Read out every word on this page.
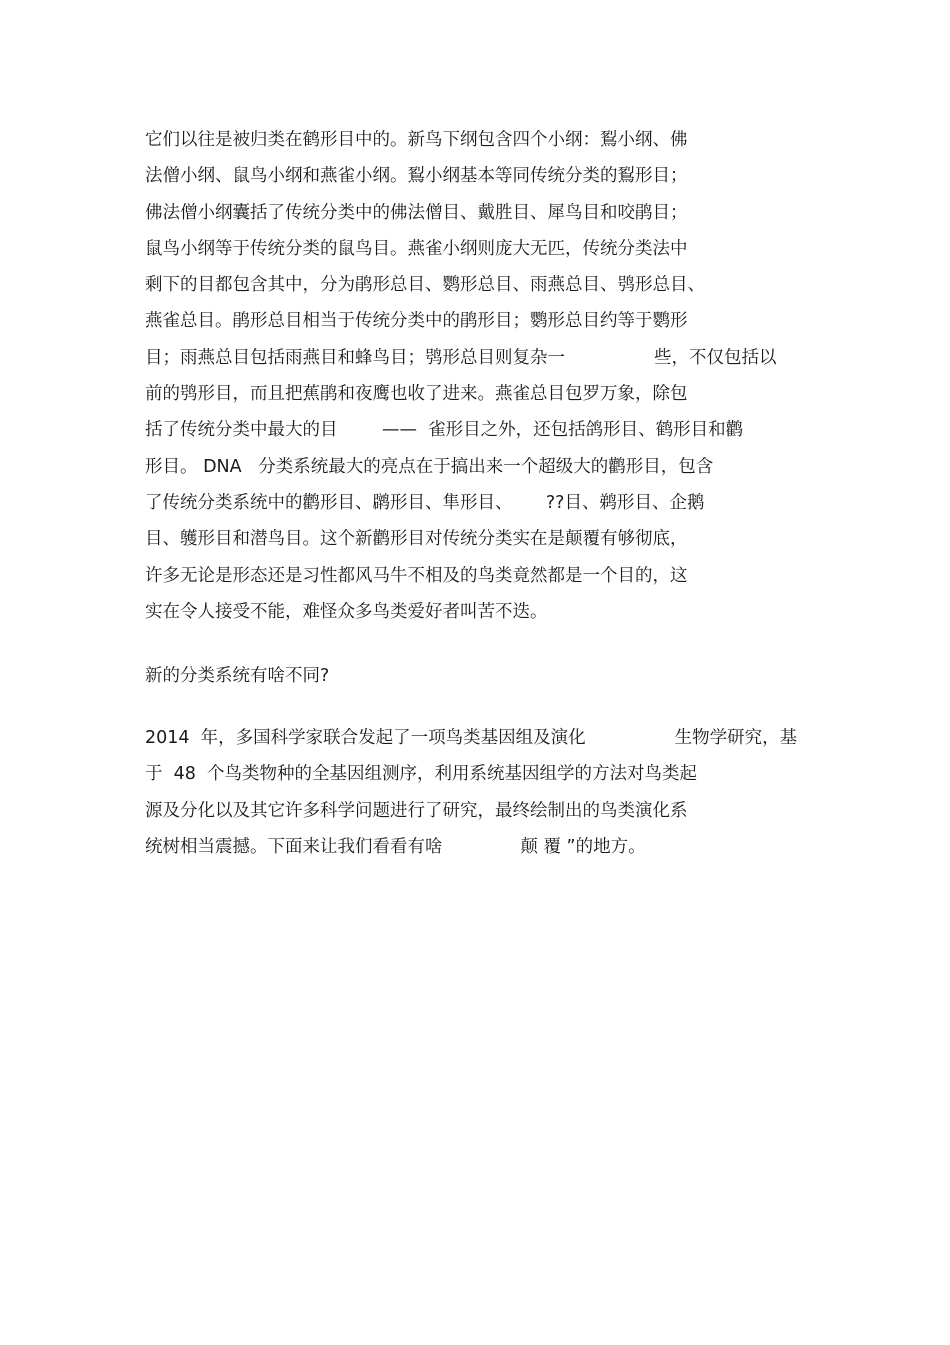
它们以往是被归类在鹤形目中的。新鸟下纲包含四个小纲：鴷小纲、佛
法僧小纲、鼠鸟小纲和燕雀小纲。鴷小纲基本等同传统分类的鴷形目；
佛法僧小纲囊括了传统分类中的佛法僧目、戴胜目、犀鸟目和咬鹃目；
鼠鸟小纲等于传统分类的鼠鸟目。燕雀小纲则庞大无匹，传统分类法中
剩下的目都包含其中，分为鹃形总目、鹦形总目、雨燕总目、鸮形总目、
燕雀总目。鹃形总目相当于传统分类中的鹃形目；鹦形总目约等于鹦形
目；雨燕总目包括雨燕目和蜂鸟目；鸮形总目则复杂一                些，不仅包括以
前的鸮形目，而且把蕉鹃和夜鹰也收了进来。燕雀总目包罗万象，除包
括了传统分类中最大的目        ——  雀形目之外，还包括鸽形目、鹤形目和鹳
形目。 DNA   分类系统最大的亮点在于搞出来一个超级大的鹳形目，包含
了传统分类系统中的鹳形目、䴙形目、隼形目、      ??目、鹈形目、企鹅
目、鹱形目和潜鸟目。这个新鹳形目对传统分类实在是颠覆有够彻底，
许多无论是形态还是习性都风马牛不相及的鸟类竟然都是一个目的，这
实在令人接受不能，难怪众多鸟类爱好者叫苦不迭。
新的分类系统有啥不同?
2014  年，多国科学家联合发起了一项鸟类基因组及演化                生物学研究，基
于  48  个鸟类物种的全基因组测序，利用系统基因组学的方法对鸟类起
源及分化以及其它许多科学问题进行了研究，最终绘制出的鸟类演化系
统树相当震撼。下面来让我们看看有啥              颠 覆 ”的地方。
